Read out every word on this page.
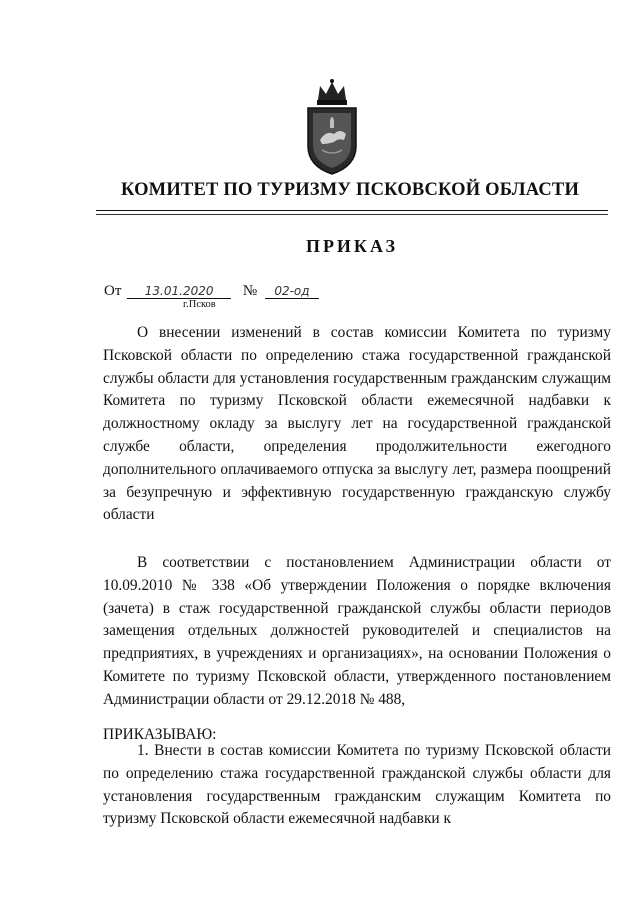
КОМИТЕТ ПО ТУРИЗМУ ПСКОВСКОЙ ОБЛАСТИ
ПРИКАЗ
От 13.01.2020 № 02-од
г.Псков
О внесении изменений в состав комиссии Комитета по туризму Псковской области по определению стажа государственной гражданской службы области для установления государственным гражданским служащим Комитета по туризму Псковской области ежемесячной надбавки к должностному окладу за выслугу лет на государственной гражданской службе области, определения продолжительности ежегодного дополнительного оплачиваемого отпуска за выслугу лет, размера поощрений за безупречную и эффективную государственную гражданскую службу области
В соответствии с постановлением Администрации области от 10.09.2010 № 338 «Об утверждении Положения о порядке включения (зачета) в стаж государственной гражданской службы области периодов замещения отдельных должностей руководителей и специалистов на предприятиях, в учреждениях и организациях», на основании Положения о Комитете по туризму Псковской области, утвержденного постановлением Администрации области от 29.12.2018 № 488,
ПРИКАЗЫВАЮ:
1. Внести в состав комиссии Комитета по туризму Псковской области по определению стажа государственной гражданской службы области для установления государственным гражданским служащим Комитета по туризму Псковской области ежемесячной надбавки к
